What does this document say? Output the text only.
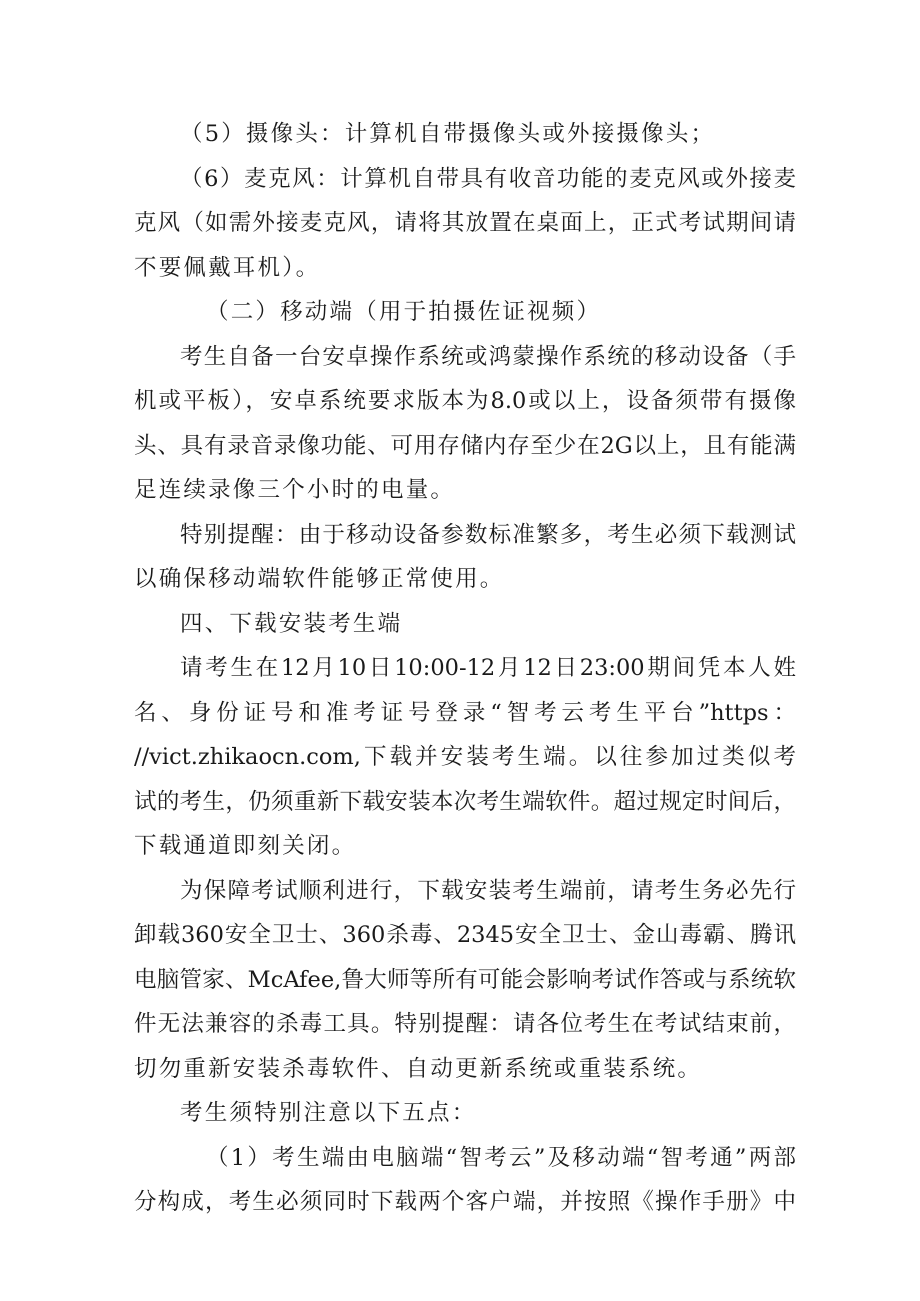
（5）摄像头：计算机自带摄像头或外接摄像头；
（6）麦克风：计算机自带具有收音功能的麦克风或外接麦
克风（如需外接麦克风，请将其放置在桌面上，正式考试期间请
不要佩戴耳机）。
（二）移动端（用于拍摄佐证视频）
考生自备一台安卓操作系统或鸿蒙操作系统的移动设备（手
机或平板），安卓系统要求版本为8.0或以上，设备须带有摄像
头、具有录音录像功能、可用存储内存至少在2G以上，且有能满
足连续录像三个小时的电量。
特别提醒：由于移动设备参数标准繁多，考生必须下载测试
以确保移动端软件能够正常使用。
四、下载安装考生端
请考生在12月10日10:00-12月12日23:00期间凭本人姓
名、身份证号和准考证号登录“智考云考生平台”https：
//vict.zhikaocn.com,下载并安装考生端。以往参加过类似考
试的考生，仍须重新下载安装本次考生端软件。超过规定时间后，
下载通道即刻关闭。
为保障考试顺利进行，下载安装考生端前，请考生务必先行
卸载360安全卫士、360杀毒、2345安全卫士、金山毒霸、腾讯
电脑管家、McAfee,鲁大师等所有可能会影响考试作答或与系统软
件无法兼容的杀毒工具。特别提醒：请各位考生在考试结束前，
切勿重新安装杀毒软件、自动更新系统或重装系统。
考生须特别注意以下五点：
（1）考生端由电脑端“智考云”及移动端“智考通”两部
分构成，考生必须同时下载两个客户端，并按照《操作手册》中
